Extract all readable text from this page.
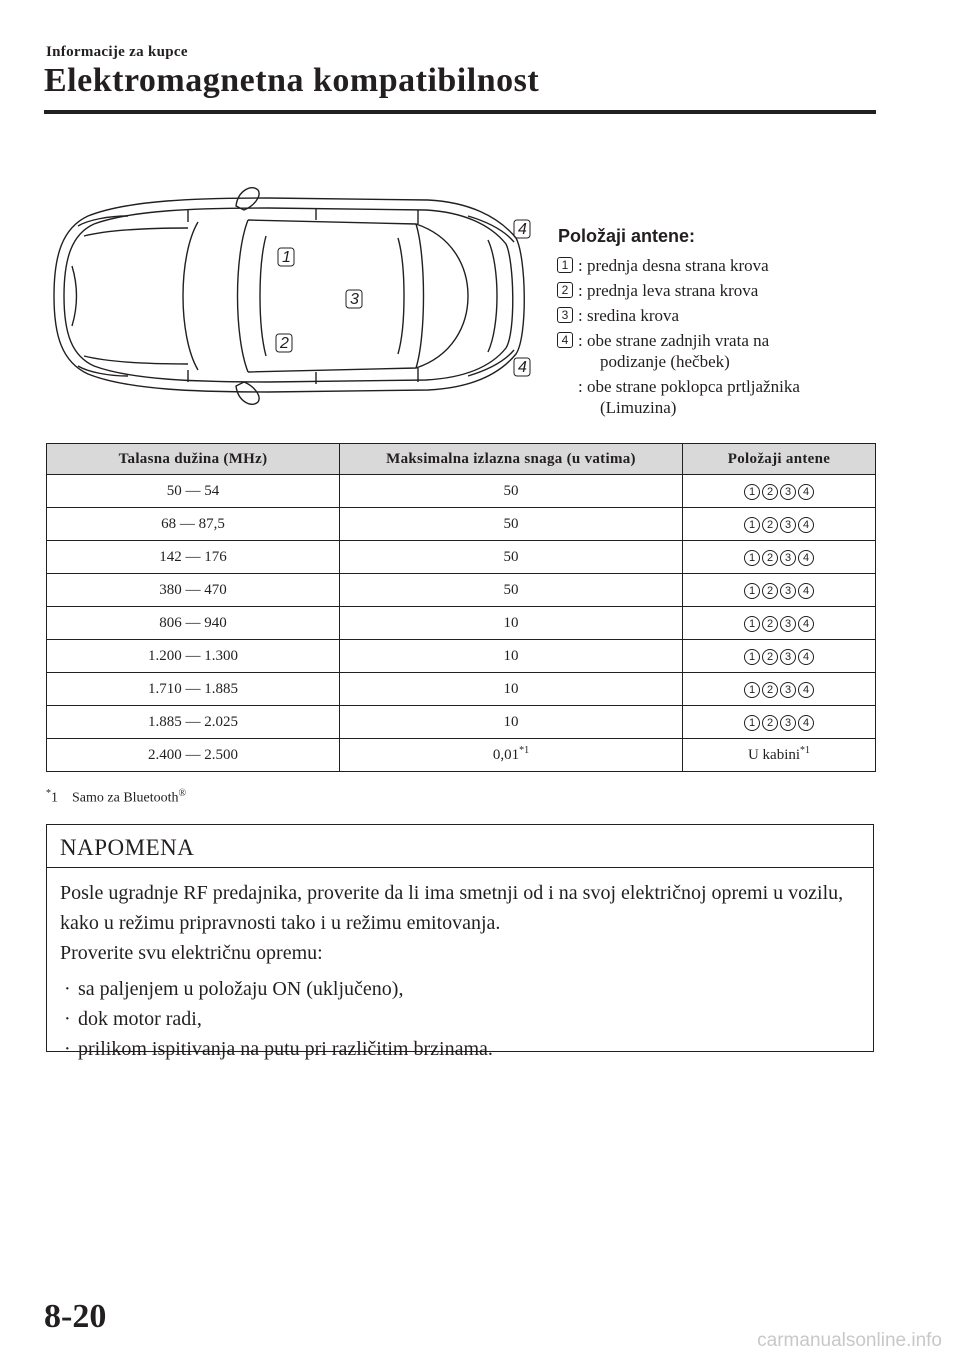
Informacije za kupce
Elektromagnetna kompatibilnost
1
2
3
4
4
Položaji antene:
1 : prednja desna strana krova
2 : prednja leva strana krova
3 : sredina krova
4 : obe strane zadnjih vrata na
podizanje (hečbek)
: obe strane poklopca prtljažnika
(Limuzina)
Talasna dužina (MHz)	Maksimalna izlazna snaga (u vatima)	Položaji antene
50 — 54	50	1 2 3 4

68 — 87,5	50	1 2 3 4

142 — 176	50	1 2 3 4

380 — 470	50	1 2 3 4

806 — 940	10	1 2 3 4

1.200 — 1.300	10	1 2 3 4

1.710 — 1.885	10	1 2 3 4

1.885 — 2.025	10	1 2 3 4

2.400 — 2.500	0,01$^{*1}$	U kabini$^{*1}$
*1 Samo za Bluetooth®
NAPOMENA

Posle ugradnje RF predajnika, proverite da li ima smetnji od i na svoj električnoj opremi u vozilu, kako u režimu pripravnosti tako i u režimu emitovanja.

Proverite svu električnu opremu:

· sa paljenjem u položaju ON (uključeno),
· dok motor radi,
· prilikom ispitivanja na putu pri različitim brzinama.
8-20
carmanualsonline.info
